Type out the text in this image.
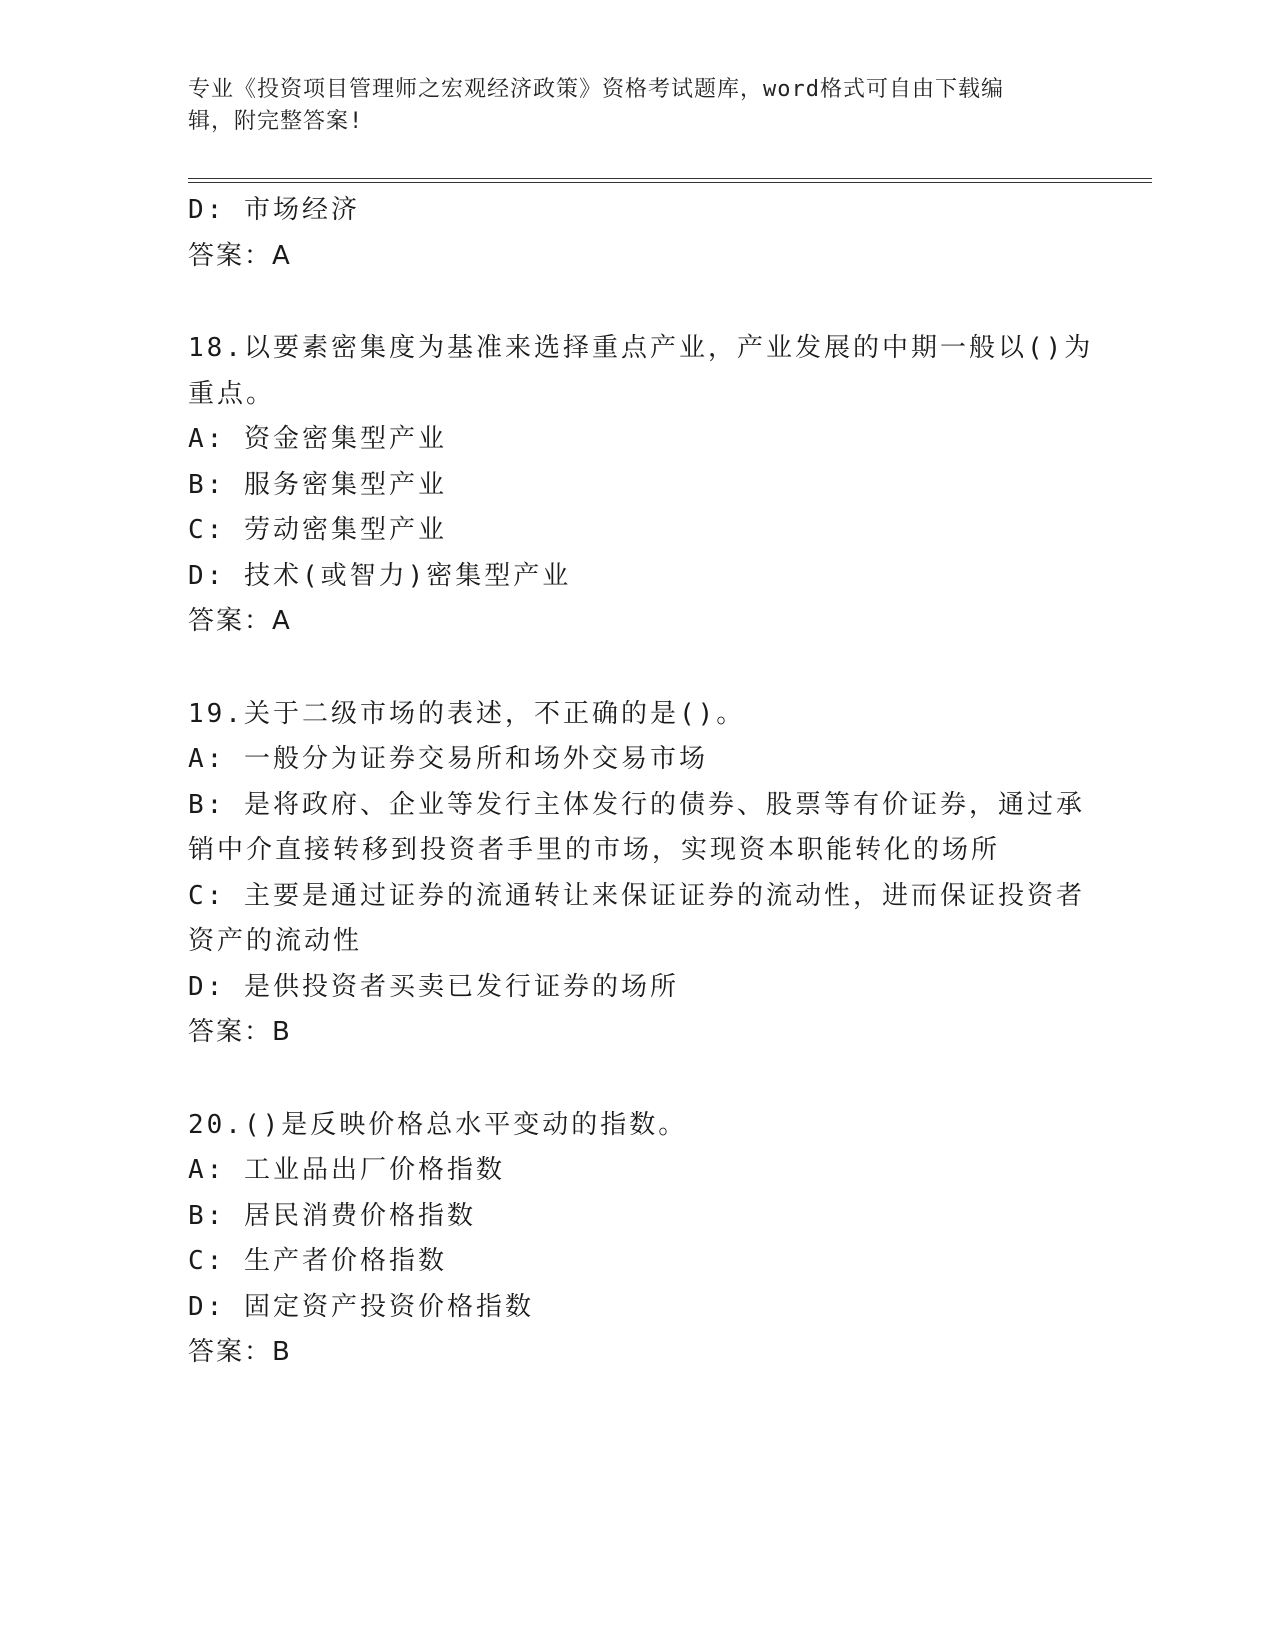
专业《投资项目管理师之宏观经济政策》资格考试题库，word格式可自由下载编
辑，附完整答案!
D: 市场经济
答案：A
18.以要素密集度为基准来选择重点产业，产业发展的中期一般以()为
重点。
A: 资金密集型产业
B: 服务密集型产业
C: 劳动密集型产业
D: 技术(或智力)密集型产业
答案：A
19.关于二级市场的表述，不正确的是()。
A: 一般分为证券交易所和场外交易市场
B: 是将政府、企业等发行主体发行的债券、股票等有价证券，通过承
销中介直接转移到投资者手里的市场，实现资本职能转化的场所
C: 主要是通过证券的流通转让来保证证券的流动性，进而保证投资者
资产的流动性
D: 是供投资者买卖已发行证券的场所
答案：B
20.()是反映价格总水平变动的指数。
A: 工业品出厂价格指数
B: 居民消费价格指数
C: 生产者价格指数
D: 固定资产投资价格指数
答案：B
